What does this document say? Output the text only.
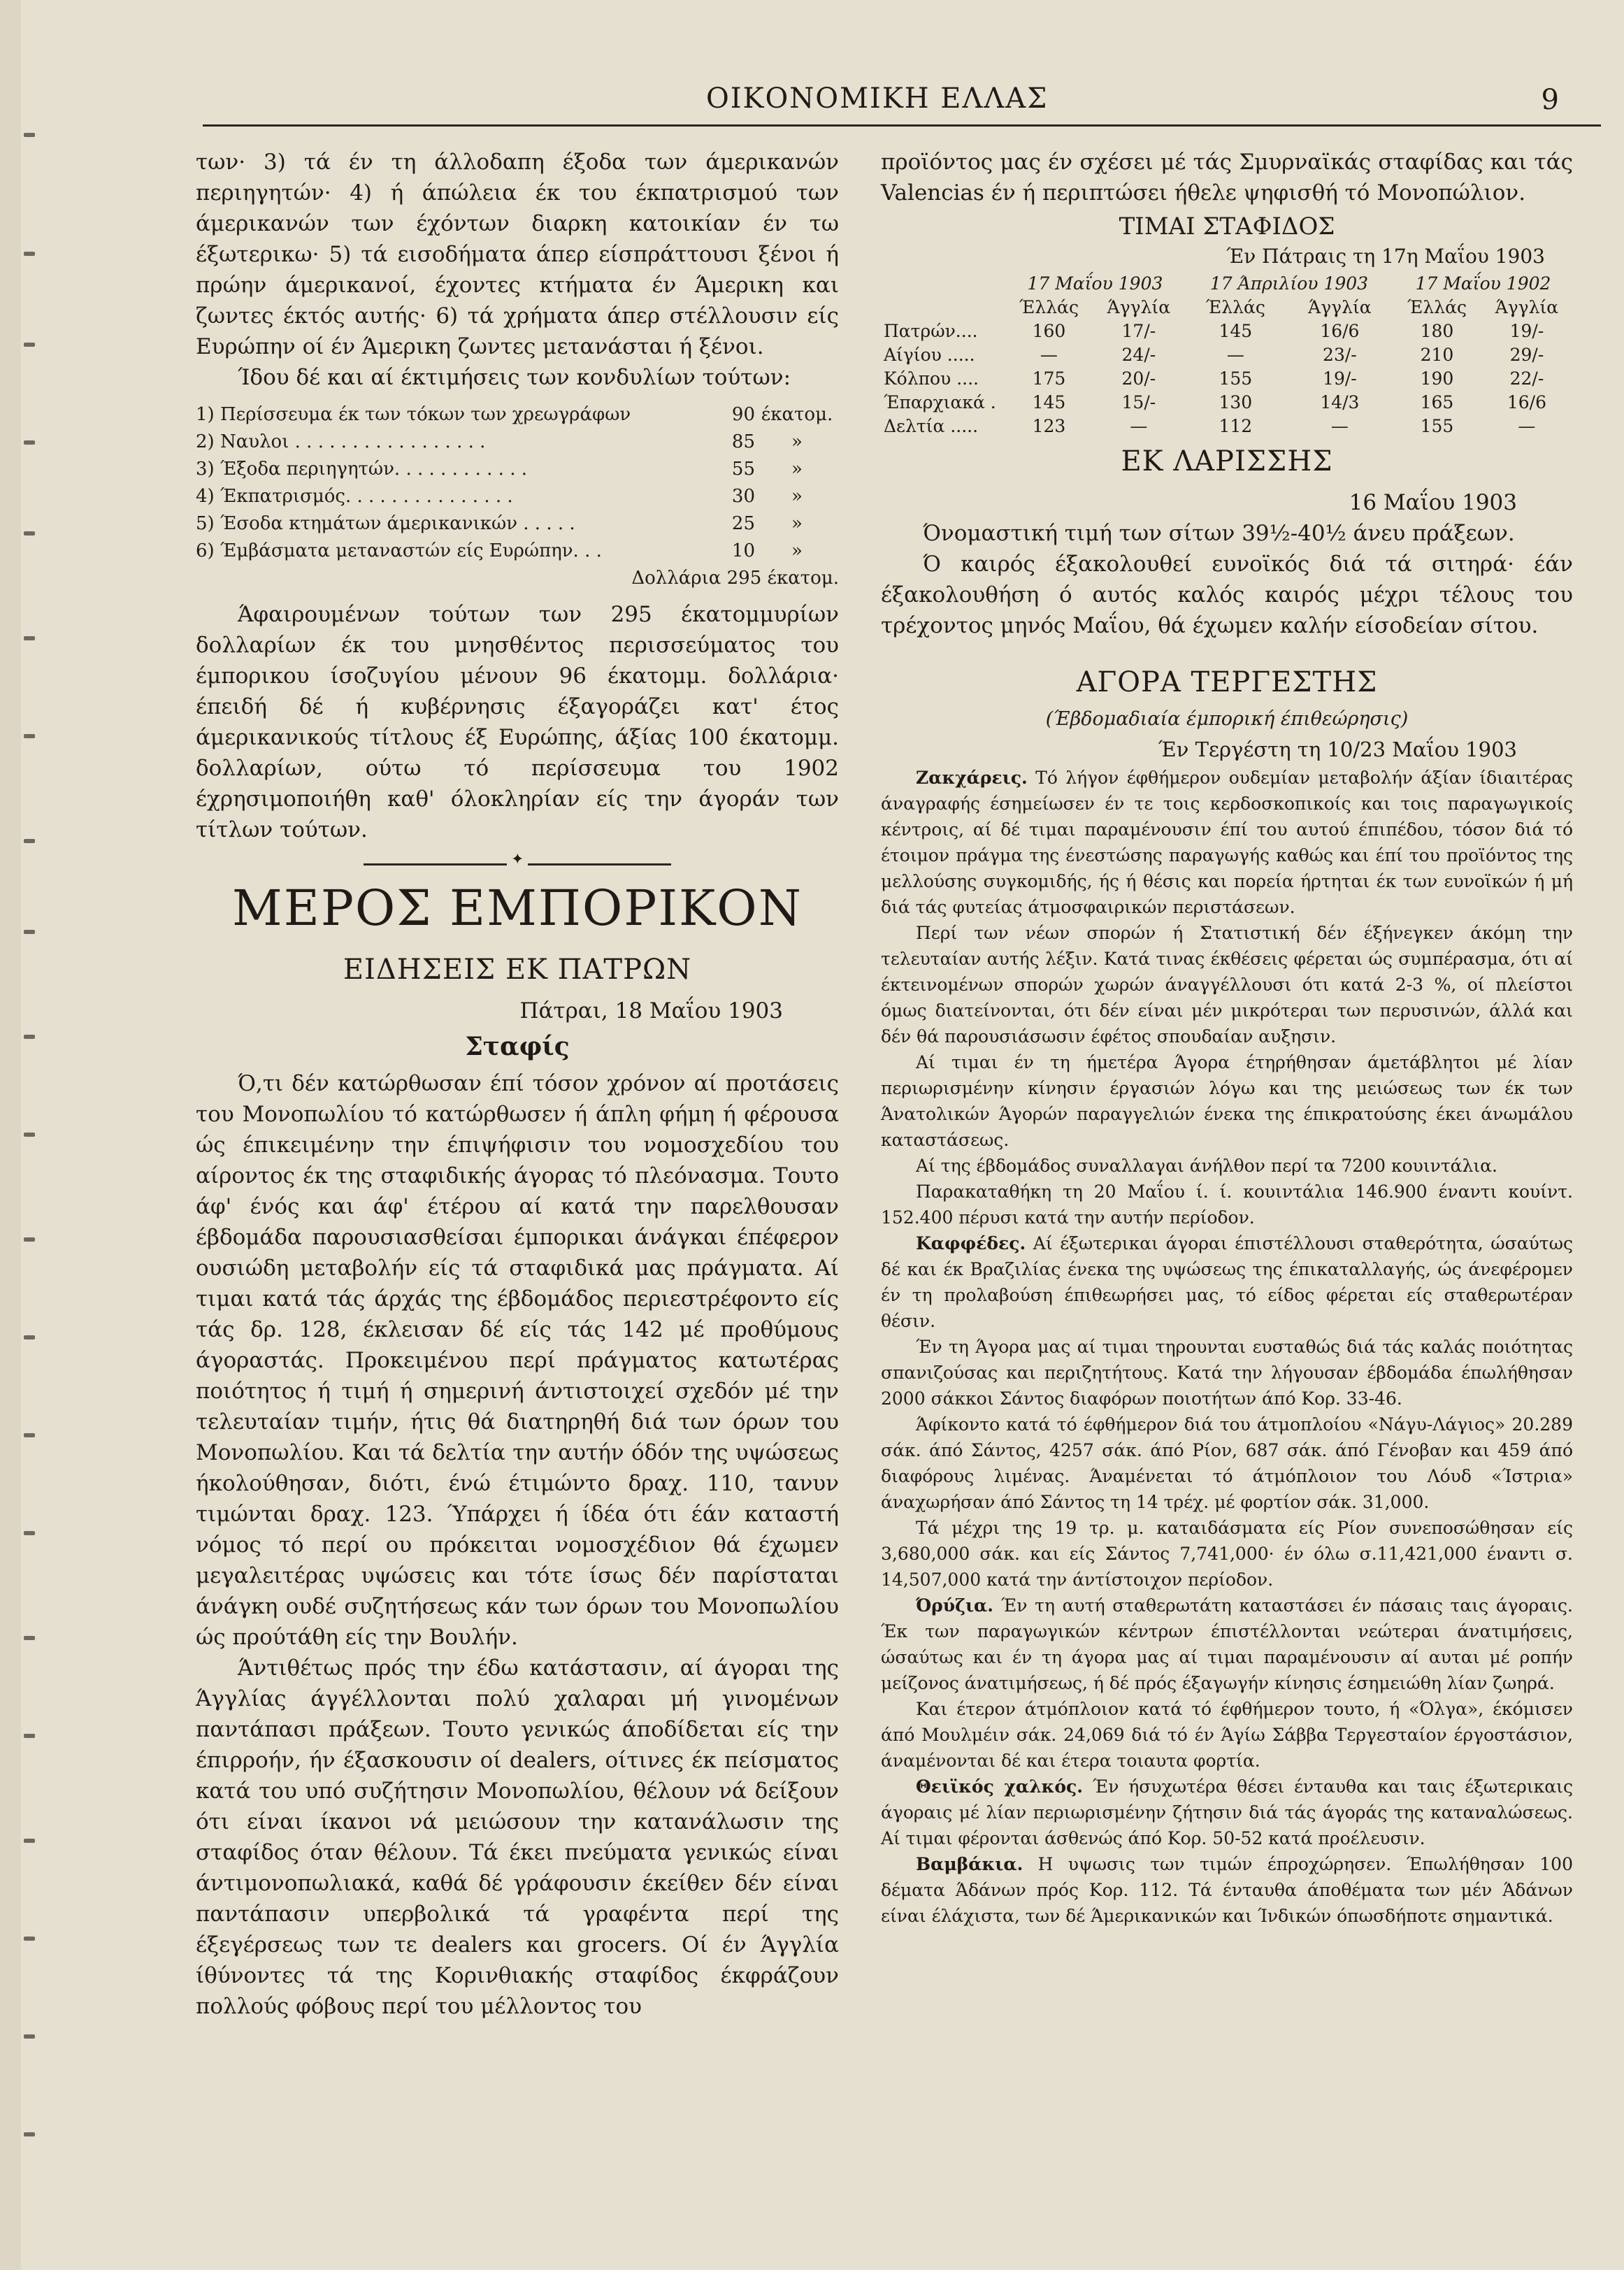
ΟΙΚΟΝΟΜΙΚΗ ΕΛΛΑΣ	9

των· 3) τά έν τη άλλοδαπη έξοδα των άμερικανών περιηγητών· 4) ή άπώλεια έκ του έκπατρισμού των άμερικανών των έχόντων διαρκη κατοικίαν έν τω έξωτερικω· 5) τά εισοδήματα άπερ είσπράττουσι ξένοι ή πρώην άμερικανοί, έχοντες κτήματα έν Άμερικη και ζωντες έκτός αυτής· 6) τά χρήματα άπερ στέλλουσιν είς Ευρώπην οί έν Άμερικη ζωντες μετανάσται ή ξένοι.

Ίδου δέ και αί έκτιμήσεις των κονδυλίων τούτων:

1) Περίσσευμα έκ των τόκων των χρεωγράφων	90 έκατομ.
2) Ναυλοι . . . . . . . . . . . . . . . . .	85	»
3) Έξοδα περιηγητών. . . . . . . . . . . .	55	»
4) Έκπατρισμός. . . . . . . . . . . . . . .	30	»
5) Έσοδα κτημάτων άμερικανικών . . . . .	25	»
6) Έμβάσματα μεταναστών είς Ευρώπην. . .	10	»
Δολλάρια 295 έκατομ.

Άφαιρουμένων τούτων των 295 έκατομμυρίων δολλαρίων έκ του μνησθέντος περισσεύματος του έμπορικου ίσοζυγίου μένουν 96 έκατομμ. δολλάρια· έπειδή δέ ή κυβέρνησις έξαγοράζει κατ' έτος άμερικανικούς τίτλους έξ Ευρώπης, άξίας 100 έκατομμ. δολλαρίων, ούτω τό περίσσευμα του 1902 έχρησιμοποιήθη καθ' όλοκληρίαν είς την άγοράν των τίτλων τούτων.

✦
ΜΕΡΟΣ ΕΜΠΟΡΙΚΟΝ
ΕΙΔΗΣΕΙΣ ΕΚ ΠΑΤΡΩΝ
Πάτραι, 18 Μαΐου 1903
Σταφίς

Ό,τι δέν κατώρθωσαν έπί τόσον χρόνον αί προτάσεις του Μονοπωλίου τό κατώρθωσεν ή άπλη φήμη ή φέρουσα ώς έπικειμένην την έπιψήφισιν του νομοσχεδίου του αίροντος έκ της σταφιδικής άγορας τό πλεόνασμα. Τουτο άφ' ένός και άφ' έτέρου αί κατά την παρελθουσαν έβδομάδα παρουσιασθείσαι έμπορικαι άνάγκαι έπέφερον ουσιώδη μεταβολήν είς τά σταφιδικά μας πράγματα. Αί τιμαι κατά τάς άρχάς της έβδομάδος περιεστρέφοντο είς τάς δρ. 128, έκλεισαν δέ είς τάς 142 μέ προθύμους άγοραστάς. Προκειμένου περί πράγματος κατωτέρας ποιότητος ή τιμή ή σημερινή άντιστοιχεί σχεδόν μέ την τελευταίαν τιμήν, ήτις θά διατηρηθή διά των όρων του Μονοπωλίου. Και τά δελτία την αυτήν όδόν της υψώσεως ήκολούθησαν, διότι, ένώ έτιμώντο δραχ. 110, τανυν τιμώνται δραχ. 123. Ύπάρχει ή ίδέα ότι έάν καταστή νόμος τό περί ου πρόκειται νομοσχέδιον θά έχωμεν μεγαλειτέρας υψώσεις και τότε ίσως δέν παρίσταται άνάγκη ουδέ συζητήσεως κάν των όρων του Μονοπωλίου ώς προύτάθη είς την Βουλήν.

Άντιθέτως πρός την έδω κατάστασιν, αί άγοραι της Άγγλίας άγγέλλονται πολύ χαλαραι μή γινομένων παντάπασι πράξεων. Τουτο γενικώς άποδίδεται είς την έπιρροήν, ήν έξασκουσιν οί dealers, οίτινες έκ πείσματος κατά του υπό συζήτησιν Μονοπωλίου, θέλουν νά δείξουν ότι είναι ίκανοι νά μειώσουν την κατανάλωσιν της σταφίδος όταν θέλουν. Τά έκει πνεύματα γενικώς είναι άντιμονοπωλιακά, καθά δέ γράφουσιν έκείθεν δέν είναι παντάπασιν υπερβολικά τά γραφέντα περί της έξεγέρσεως των τε dealers και grocers. Οί έν Άγγλία ίθύνοντες τά της Κορινθιακής σταφίδος έκφράζουν πολλούς φόβους περί του μέλλοντος του

προϊόντος μας έν σχέσει μέ τάς Σμυρναϊκάς σταφίδας και τάς Valencias έν ή περιπτώσει ήθελε ψηφισθή τό Μονοπώλιον.

ΤΙΜΑΙ ΣΤΑΦΙΔΟΣ
Έν Πάτραις τη 17η Μαΐου 1903
	17 Μαΐου 1903		17 Άπριλίου 1903		17 Μαΐου 1902	
	Έλλάς	Άγγλία	Έλλάς	Άγγλία	Έλλάς	Άγγλία
Πατρών....	160	17/-	145	16/6	180	19/-
Αίγίου .....	—	24/-	—	23/-	210	29/-
Κόλπου ....	175	20/-	155	19/-	190	22/-
Έπαρχιακά .	145	15/-	130	14/3	165	16/6
Δελτία .....	123	—	112	—	155	—
ΕΚ ΛΑΡΙΣΣΗΣ
16 Μαΐου 1903

Όνομαστική τιμή των σίτων 39½-40½ άνευ πράξεων.

Ό καιρός έξακολουθεί ευνοϊκός διά τά σιτηρά· έάν έξακολουθήση ό αυτός καλός καιρός μέχρι τέλους του τρέχοντος μηνός Μαΐου, θά έχωμεν καλήν είσοδείαν σίτου.

ΑΓΟΡΑ ΤΕΡΓΕΣΤΗΣ
(Έβδομαδιαία έμπορική έπιθεώρησις)
Έν Τεργέστη τη 10/23 Μαΐου 1903

Ζακχάρεις. Τό λήγον έφθήμερον ουδεμίαν μεταβολήν άξίαν ίδιαιτέρας άναγραφής έσημείωσεν έν τε τοις κερδοσκοπικοίς και τοις παραγωγικοίς κέντροις, αί δέ τιμαι παραμένουσιν έπί του αυτού έπιπέδου, τόσον διά τό έτοιμον πράγμα της ένεστώσης παραγωγής καθώς και έπί του προϊόντος της μελλούσης συγκομιδής, ής ή θέσις και πορεία ήρτηται έκ των ευνοϊκών ή μή διά τάς φυτείας άτμοσφαιρικών περιστάσεων.

Περί των νέων σπορών ή Στατιστική δέν έξήνεγκεν άκόμη την τελευταίαν αυτής λέξιν. Κατά τινας έκθέσεις φέρεται ώς συμπέρασμα, ότι αί έκτεινομένων σπορών χωρών άναγγέλλουσι ότι κατά 2-3 %, οί πλείστοι όμως διατείνονται, ότι δέν είναι μέν μικρότεραι των περυσινών, άλλά και δέν θά παρουσιάσωσιν έφέτος σπουδαίαν αυξησιν.

Αί τιμαι έν τη ήμετέρα Άγορα έτηρήθησαν άμετάβλητοι μέ λίαν περιωρισμένην κίνησιν έργασιών λόγω και της μειώσεως των έκ των Άνατολικών Άγορών παραγγελιών ένεκα της έπικρατούσης έκει άνωμάλου καταστάσεως.

Αί της έβδομάδος συναλλαγαι άνήλθον περί τα 7200 κουιντάλια.

Παρακαταθήκη τη 20 Μαΐου ί. ί. κουιντάλια 146.900 έναντι κουίντ. 152.400 πέρυσι κατά την αυτήν περίοδον.

Καφφέδες. Αί έξωτερικαι άγοραι έπιστέλλουσι σταθερότητα, ώσαύτως δέ και έκ Βραζιλίας ένεκα της υψώσεως της έπικαταλλαγής, ώς άνεφέρομεν έν τη προλαβούση έπιθεωρήσει μας, τό είδος φέρεται είς σταθερωτέραν θέσιν.

Έν τη Άγορα μας αί τιμαι τηρουνται ευσταθώς διά τάς καλάς ποιότητας σπανιζούσας και περιζητήτους. Κατά την λήγουσαν έβδομάδα έπωλήθησαν 2000 σάκκοι Σάντος διαφόρων ποιοτήτων άπό Κορ. 33-46.

Άφίκοντο κατά τό έφθήμερον διά του άτμοπλοίου «Νάγυ-Λάγιος» 20.289 σάκ. άπό Σάντος, 4257 σάκ. άπό Ρίον, 687 σάκ. άπό Γένοβαν και 459 άπό διαφόρους λιμένας. Άναμένεται τό άτμόπλοιον του Λόυδ «Ίστρια» άναχωρήσαν άπό Σάντος τη 14 τρέχ. μέ φορτίον σάκ. 31,000.

Τά μέχρι της 19 τρ. μ. καταιδάσματα είς Ρίον συνεποσώθησαν είς 3,680,000 σάκ. και είς Σάντος 7,741,000· έν όλω σ.11,421,000 έναντι σ. 14,507,000 κατά την άντίστοιχον περίοδον.

Όρύζια. Έν τη αυτή σταθερωτάτη καταστάσει έν πάσαις ταις άγοραις. Έκ των παραγωγικών κέντρων έπιστέλλονται νεώτεραι άνατιμήσεις, ώσαύτως και έν τη άγορα μας αί τιμαι παραμένουσιν αί αυται μέ ροπήν μείζονος άνατιμήσεως, ή δέ πρός έξαγωγήν κίνησις έσημειώθη λίαν ζωηρά.

Και έτερον άτμόπλοιον κατά τό έφθήμερον τουτο, ή «Όλγα», έκόμισεν άπό Μουλμέιν σάκ. 24,069 διά τό έν Άγίω Σάββα Τεργεσταίον έργοστάσιον, άναμένονται δέ και έτερα τοιαυτα φορτία.

Θειϊκός χαλκός. Έν ήσυχωτέρα θέσει ένταυθα και ταις έξωτερικαις άγοραις μέ λίαν περιωρισμένην ζήτησιν διά τάς άγοράς της καταναλώσεως. Αί τιμαι φέρονται άσθενώς άπό Κορ. 50-52 κατά προέλευσιν.

Βαμβάκια. Η υψωσις των τιμών έπροχώρησεν. Έπωλήθησαν 100 δέματα Άδάνων πρός Κορ. 112. Τά ένταυθα άποθέματα των μέν Άδάνων είναι έλάχιστα, των δέ Άμερικανικών και Ίνδικών όπωσδήποτε σημαντικά.
